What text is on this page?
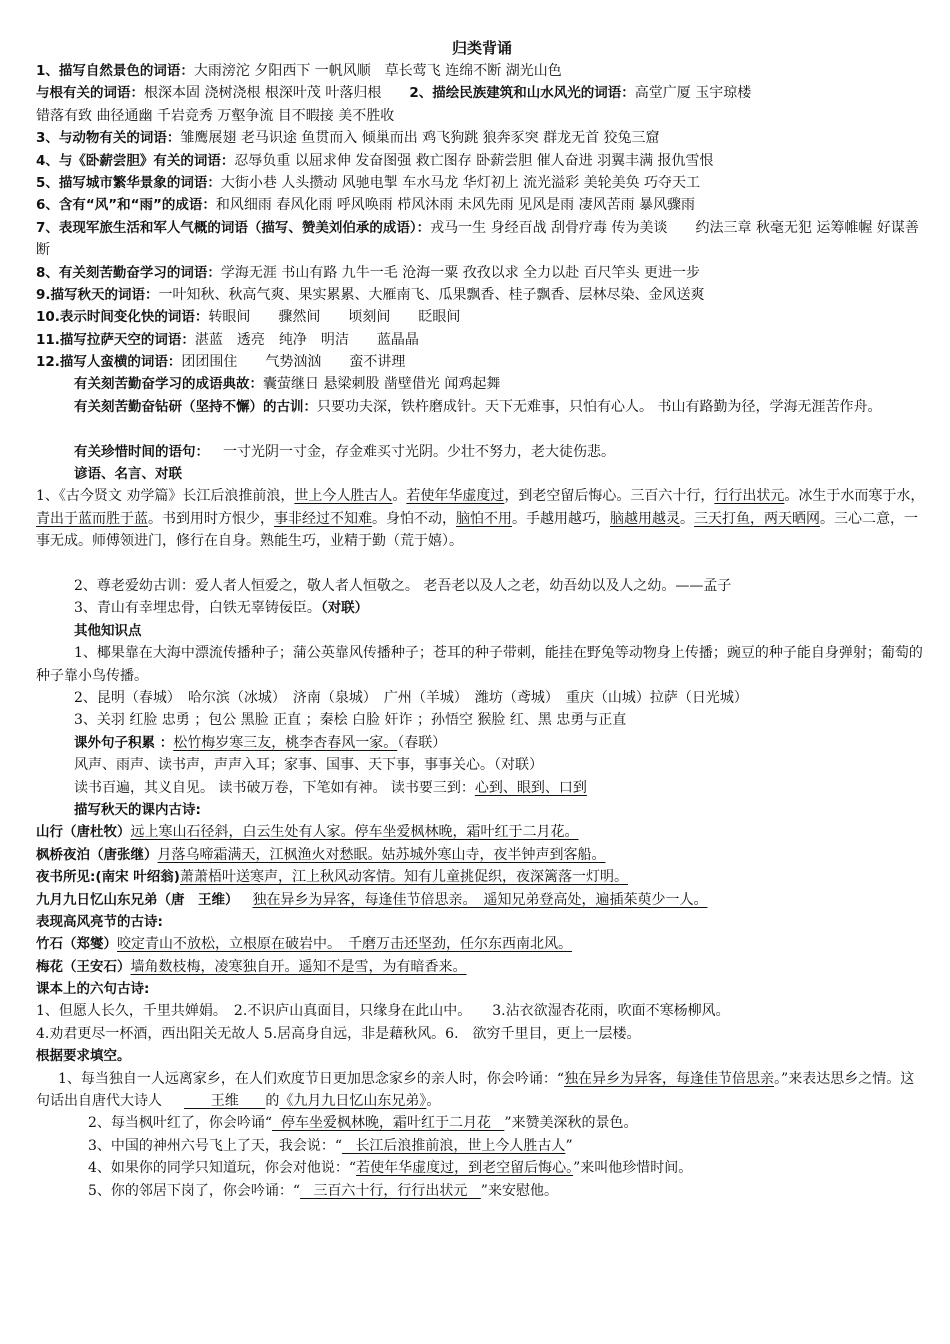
归类背诵
1、描写自然景色的词语：大雨滂沱 夕阳西下 一帆风顺　草长莺飞 连绵不断 湖光山色
与根有关的词语：根深本固 浇树浇根 根深叶茂 叶落归根 2、描绘民族建筑和山水风光的词语：高堂广厦 玉宇琼楼
错落有致 曲径通幽 千岩竞秀 万壑争流 目不暇接 美不胜收
3、与动物有关的词语：雏鹰展翅 老马识途 鱼贯而入 倾巢而出 鸡飞狗跳 狼奔豕突 群龙无首 狡兔三窟
4、与《卧薪尝胆》有关的词语：忍辱负重 以屈求伸 发奋图强 救亡图存 卧薪尝胆 催人奋进 羽翼丰满 报仇雪恨
5、描写城市繁华景象的词语：大街小巷 人头攒动 风驰电掣 车水马龙 华灯初上 流光溢彩 美轮美奂 巧夺天工
6、含有“风”和“雨”的成语：和风细雨 春风化雨 呼风唤雨 栉风沐雨 未风先雨 见风是雨 凄风苦雨 暴风骤雨
7、表现军旅生活和军人气概的词语（描写、赞美刘伯承的成语）：戎马一生 身经百战 刮骨疗毒 传为美谈　　约法三章 秋毫无犯 运筹帷幄 好谋善断
8、有关刻苦勤奋学习的词语：学海无涯 书山有路 九牛一毛 沧海一粟 孜孜以求 全力以赴 百尺竿头 更进一步
9.描写秋天的词语：一叶知秋、秋高气爽、果实累累、大雁南飞、瓜果飘香、桂子飘香、层林尽染、金风送爽
10.表示时间变化快的词语：转眼间　　骤然间　　顷刻间　　眨眼间
11.描写拉萨天空的词语：湛蓝　透亮　纯净　明洁　　蓝晶晶
12.描写人蛮横的词语：团团围住　　气势汹汹　　蛮不讲理
有关刻苦勤奋学习的成语典故：囊萤继日 悬梁刺股 凿壁借光 闻鸡起舞
有关刻苦勤奋钻研（坚持不懈）的古训：只要功夫深，铁杵磨成针。天下无难事，只怕有心人。 书山有路勤为径，学海无涯苦作舟。
有关珍惜时间的语句： 一寸光阴一寸金，存金难买寸光阴。少壮不努力，老大徒伤悲。
谚语、名言、对联
1、《古今贤文 劝学篇》长江后浪推前浪，世上今人胜古人。若使年华虚度过，到老空留后悔心。三百六十行，行行出状元。冰生于水而寒于水，青出于蓝而胜于蓝。书到用时方恨少，事非经过不知难。身怕不动，脑怕不用。手越用越巧，脑越用越灵。三天打鱼，两天晒网。三心二意，一事无成。师傅领进门，修行在自身。熟能生巧，业精于勤（荒于嬉）。
2、尊老爱幼古训：爱人者人恒爱之，敬人者人恒敬之。 老吾老以及人之老，幼吾幼以及人之幼。——孟子
3、青山有幸埋忠骨，白铁无辜铸佞臣。（对联）
其他知识点
1、椰果靠在大海中漂流传播种子；蒲公英靠风传播种子；苍耳的种子带刺，能挂在野兔等动物身上传播；豌豆的种子能自身弹射；葡萄的种子靠小鸟传播。
2、昆明（春城）　哈尔滨（冰城）　济南（泉城）　广州（羊城）　潍坊（鸢城）　重庆（山城）拉萨（日光城）
3、关羽 红脸 忠勇 ；包公 黑脸 正直 ；秦桧 白脸 奸诈 ；孙悟空 猴脸 红、黑 忠勇与正直
课外句子积累 ：松竹梅岁寒三友，桃李杏春风一家。（春联）
风声、雨声、读书声，声声入耳；家事、国事、天下事，事事关心。（对联）
读书百遍，其义自见。 读书破万卷，下笔如有神。 读书要三到：心到、眼到、口到
描写秋天的课内古诗:
山行（唐杜牧）远上寒山石径斜，白云生处有人家。停车坐爱枫林晚，霜叶红于二月花。
枫桥夜泊（唐张继）月落乌啼霜满天，江枫渔火对愁眠。姑苏城外寒山寺，夜半钟声到客船。
夜书所见:(南宋 叶绍翁)萧萧梧叶送寒声，江上秋风动客情。知有儿童挑促织，夜深篱落一灯明。
九月九日忆山东兄弟（唐　王维） 独在异乡为异客，每逢佳节倍思亲。　遥知兄弟登高处，遍插茱萸少一人。
表现高风亮节的古诗:
竹石（郑燮）咬定青山不放松，立根原在破岩中。　千磨万击还坚劲，任尔东西南北风。
梅花（王安石）墙角数枝梅，凌寒独自开。遥知不是雪，为有暗香来。
课本上的六句古诗:
1、但愿人长久，千里共婵娟。　2.不识庐山真面目，只缘身在此山中。　　3.沾衣欲湿杏花雨，吹面不寒杨柳风。
4.劝君更尽一杯酒，西出阳关无故人 5.居高身自远，非是藉秋风。6.　欲穷千里目，更上一层楼。
根据要求填空。
1、每当独自一人远离家乡，在人们欢度节日更加思念家乡的亲人时，你会吟诵：“独在异乡为异客，每逢佳节倍思亲。”来表达思乡之情。这句话出自唐代大诗人	王维 的《九月九日忆山东兄弟》。
2、每当枫叶红了，你会吟诵“ 停车坐爱枫林晚，霜叶红于二月花 ”来赞美深秋的景色。
3、中国的神州六号飞上了天，我会说：“ 长江后浪推前浪，世上今人胜古人”
4、如果你的同学只知道玩，你会对他说：“若使年华虚度过，到老空留后悔心。”来叫他珍惜时间。
5、你的邻居下岗了，你会吟诵：“ 三百六十行，行行出状元 ”来安慰他。
